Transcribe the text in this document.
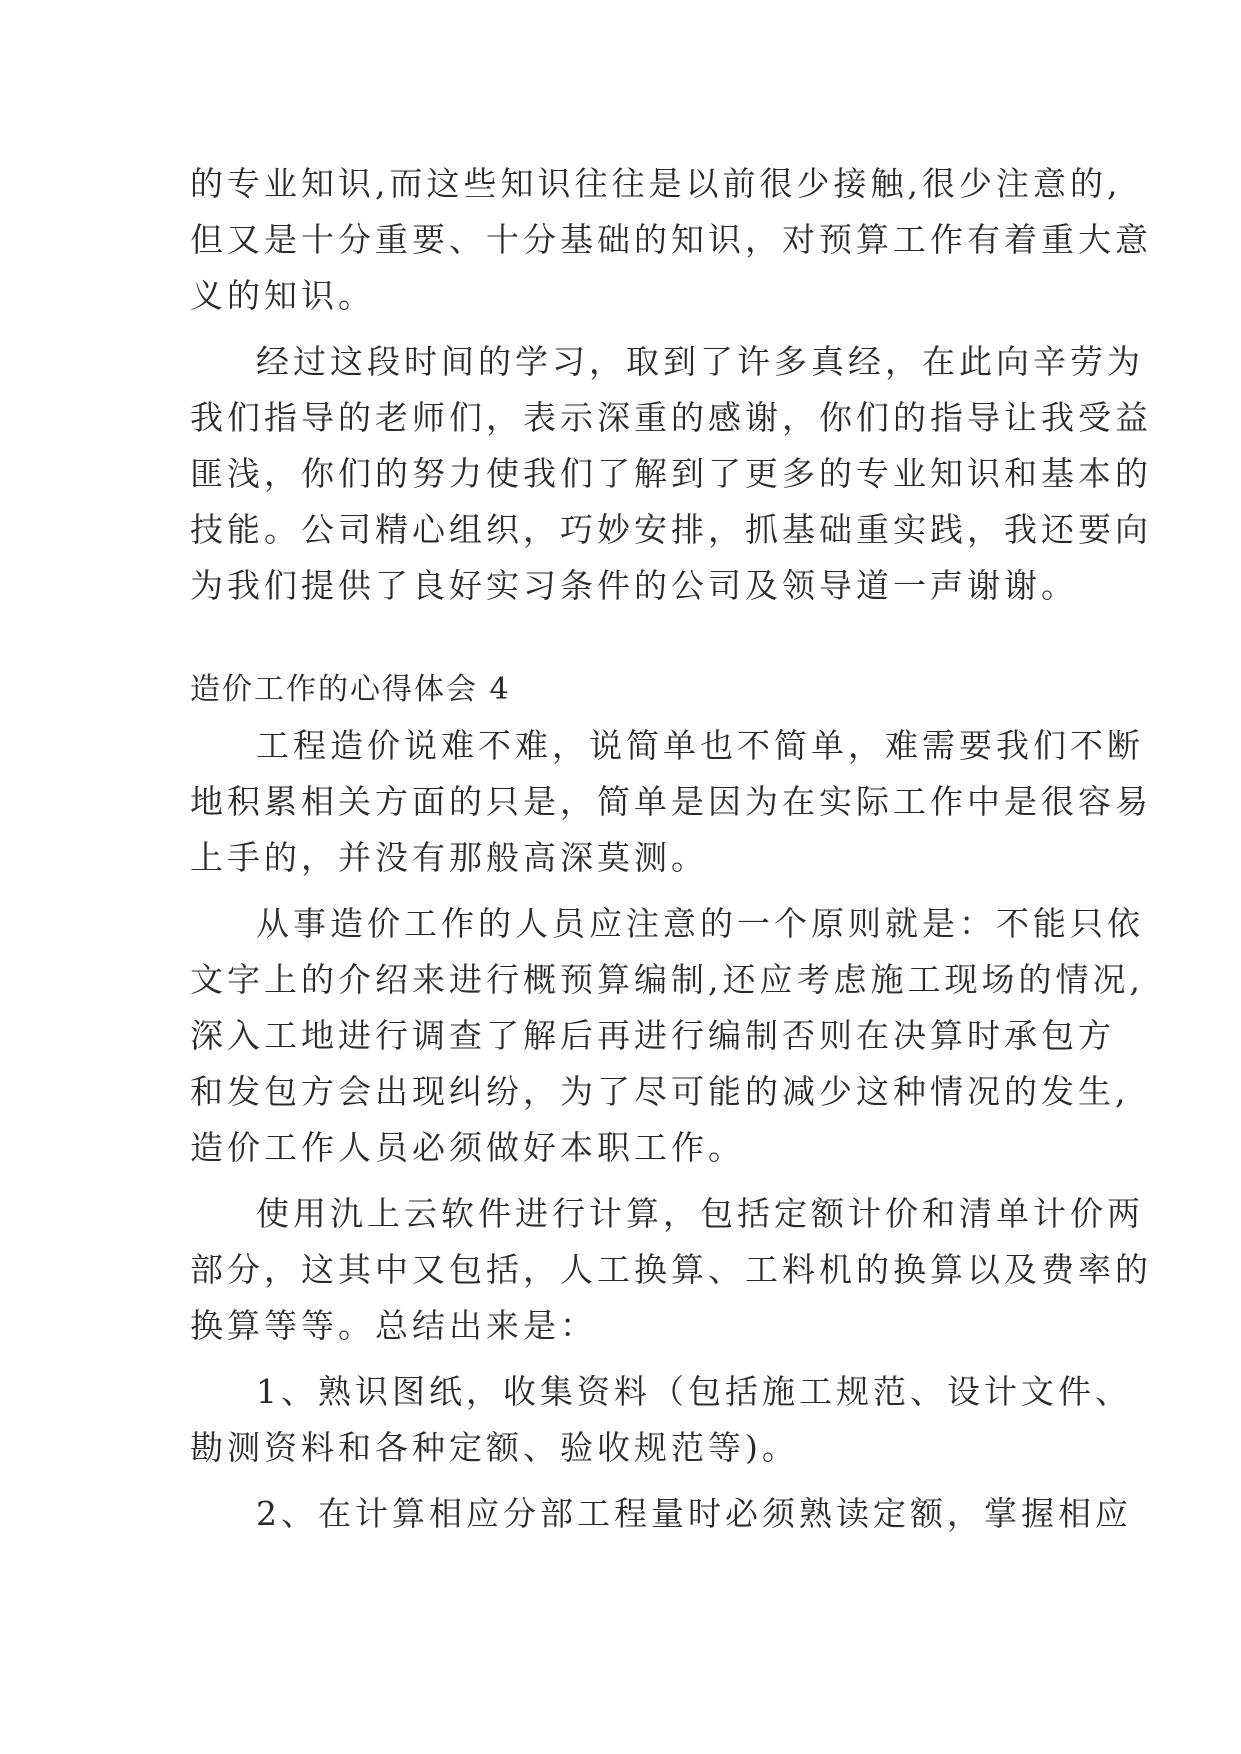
的专业知识,而这些知识往往是以前很少接触,很少注意的,
但又是十分重要、十分基础的知识，对预算工作有着重大意
义的知识。
经过这段时间的学习，取到了许多真经，在此向辛劳为
我们指导的老师们，表示深重的感谢，你们的指导让我受益
匪浅，你们的努力使我们了解到了更多的专业知识和基本的
技能。公司精心组织，巧妙安排，抓基础重实践，我还要向
为我们提供了良好实习条件的公司及领导道一声谢谢。
造价工作的心得体会 4
工程造价说难不难，说简单也不简单，难需要我们不断
地积累相关方面的只是，简单是因为在实际工作中是很容易
上手的，并没有那般高深莫测。
从事造价工作的人员应注意的一个原则就是：不能只依
文字上的介绍来进行概预算编制,还应考虑施工现场的情况,
深入工地进行调查了解后再进行编制否则在决算时承包方
和发包方会出现纠纷，为了尽可能的减少这种情况的发生,
造价工作人员必须做好本职工作。
使用氿上云软件进行计算，包括定额计价和清单计价两
部分，这其中又包括，人工换算、工料机的换算以及费率的
换算等等。总结出来是：
1、熟识图纸，收集资料（包括施工规范、设计文件、
勘测资料和各种定额、验收规范等)。
2、在计算相应分部工程量时必须熟读定额，掌握相应
